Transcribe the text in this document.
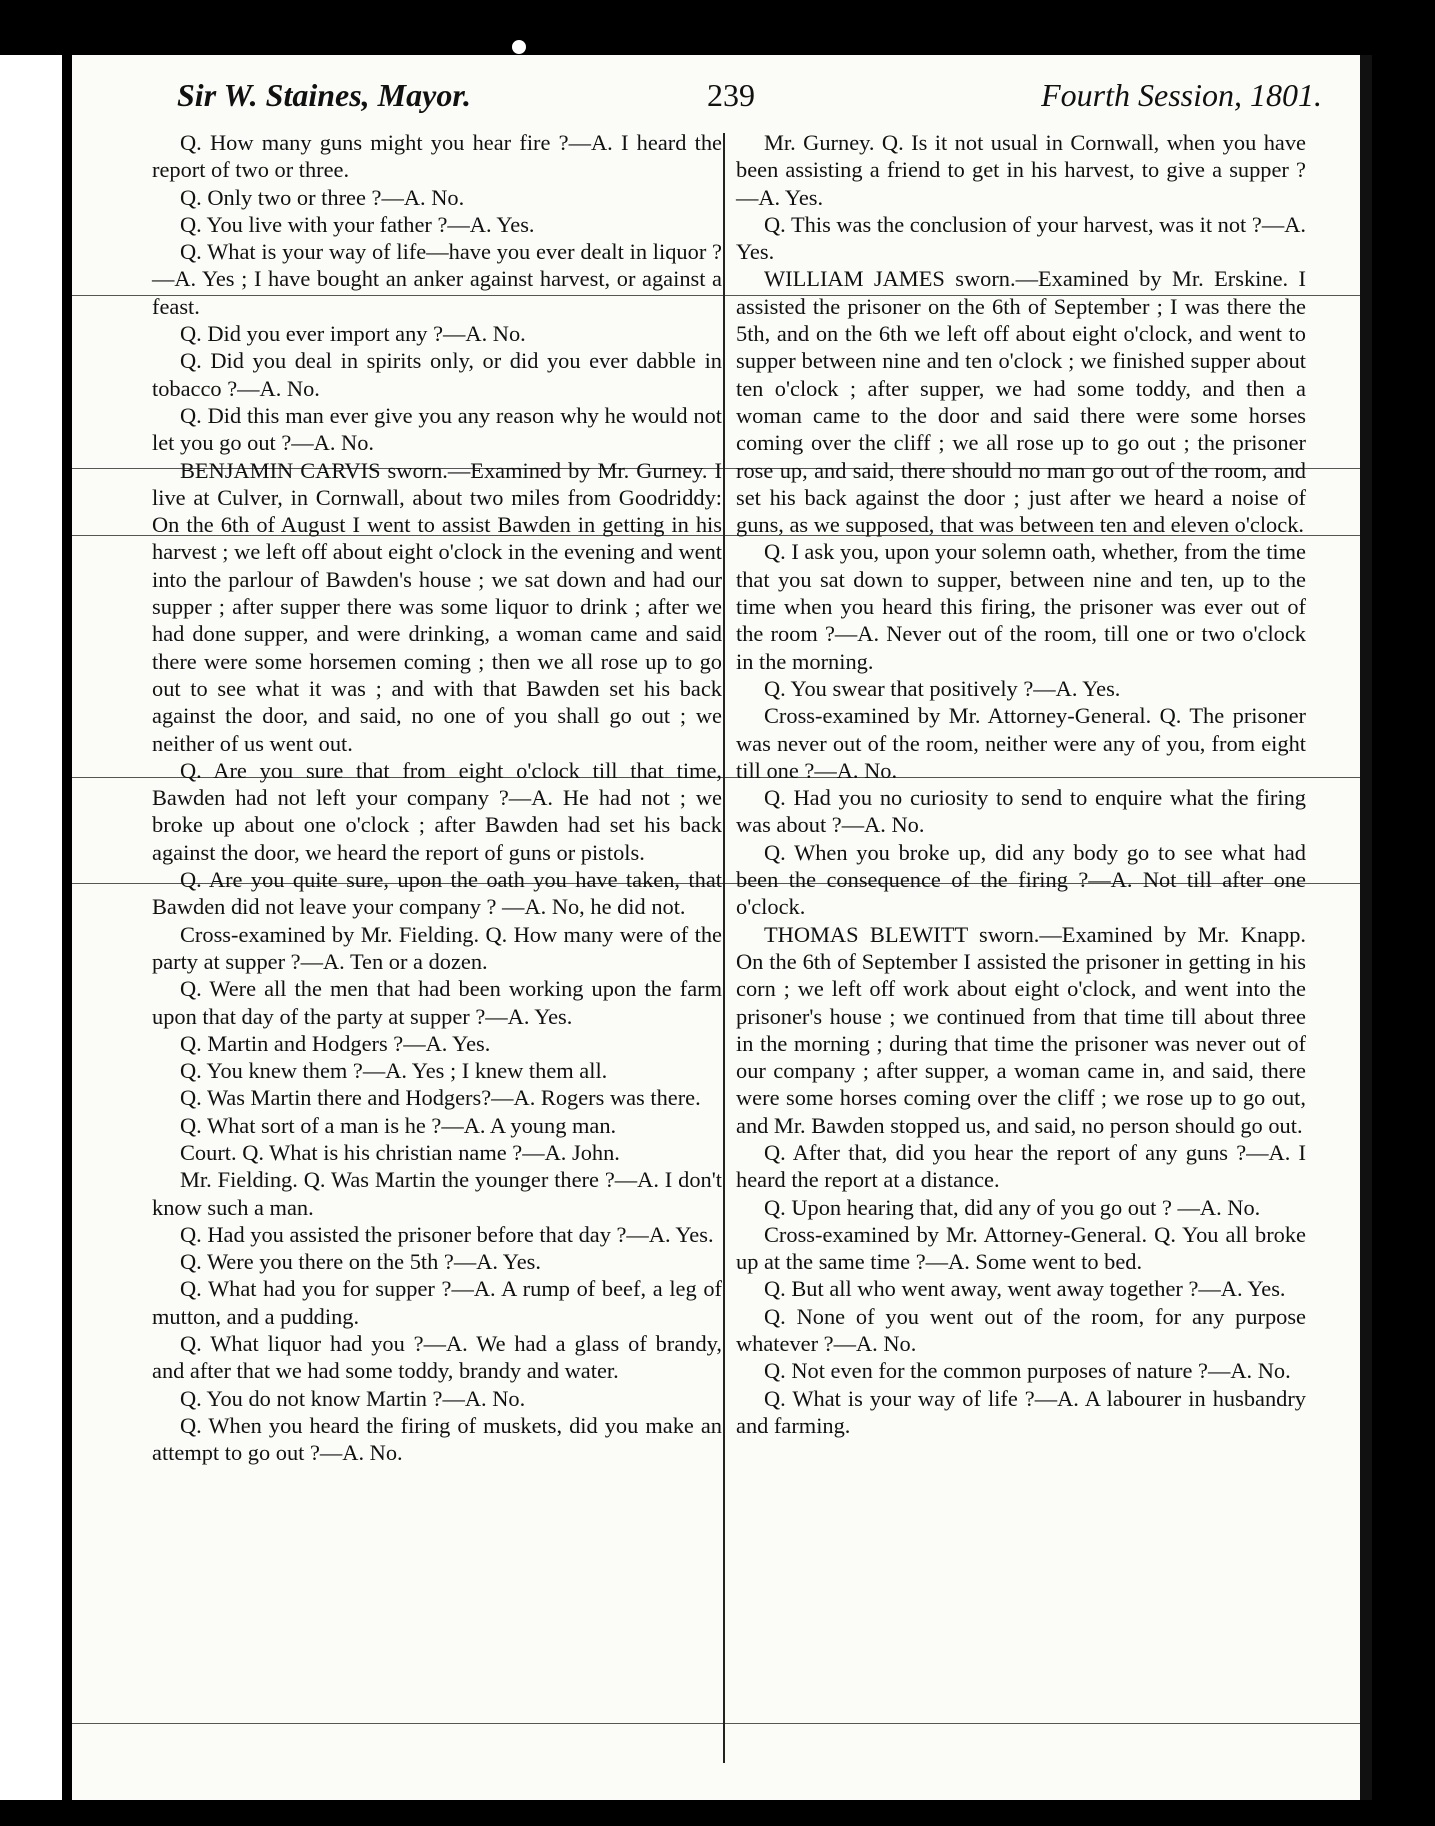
Sir W. Staines, Mayor.	239	Fourth Session, 1801.

Q. How many guns might you hear fire ?—A. I heard the report of two or three.

Q. Only two or three ?—A. No.

Q. You live with your father ?—A. Yes.

Q. What is your way of life—have you ever dealt in liquor ?—A. Yes ; I have bought an anker against harvest, or against a feast.

Q. Did you ever import any ?—A. No.

Q. Did you deal in spirits only, or did you ever dabble in tobacco ?—A. No.

Q. Did this man ever give you any reason why he would not let you go out ?—A. No.

BENJAMIN CARVIS sworn.—Examined by Mr. Gurney. I live at Culver, in Cornwall, about two miles from Goodriddy: On the 6th of August I went to assist Bawden in getting in his harvest ; we left off about eight o'clock in the evening and went into the parlour of Bawden's house ; we sat down and had our supper ; after supper there was some liquor to drink ; after we had done supper, and were drinking, a woman came and said there were some horsemen coming ; then we all rose up to go out to see what it was ; and with that Bawden set his back against the door, and said, no one of you shall go out ; we neither of us went out.

Q. Are you sure that from eight o'clock till that time, Bawden had not left your company ?—A. He had not ; we broke up about one o'clock ; after Bawden had set his back against the door, we heard the report of guns or pistols.

Q. Are you quite sure, upon the oath you have taken, that Bawden did not leave your company ? —A. No, he did not.

Cross-examined by Mr. Fielding. Q. How many were of the party at supper ?—A. Ten or a dozen.

Q. Were all the men that had been working upon the farm upon that day of the party at supper ?—A. Yes.

Q. Martin and Hodgers ?—A. Yes.

Q. You knew them ?—A. Yes ; I knew them all.

Q. Was Martin there and Hodgers?—A. Rogers was there.

Q. What sort of a man is he ?—A. A young man.

Court. Q. What is his christian name ?—A. John.

Mr. Fielding. Q. Was Martin the younger there ?—A. I don't know such a man.

Q. Had you assisted the prisoner before that day ?—A. Yes.

Q. Were you there on the 5th ?—A. Yes.

Q. What had you for supper ?—A. A rump of beef, a leg of mutton, and a pudding.

Q. What liquor had you ?—A. We had a glass of brandy, and after that we had some toddy, brandy and water.

Q. You do not know Martin ?—A. No.

Q. When you heard the firing of muskets, did you make an attempt to go out ?—A. No.

Mr. Gurney. Q. Is it not usual in Cornwall, when you have been assisting a friend to get in his harvest, to give a supper ?—A. Yes.

Q. This was the conclusion of your harvest, was it not ?—A. Yes.

WILLIAM JAMES sworn.—Examined by Mr. Erskine. I assisted the prisoner on the 6th of September ; I was there the 5th, and on the 6th we left off about eight o'clock, and went to supper between nine and ten o'clock ; we finished supper about ten o'clock ; after supper, we had some toddy, and then a woman came to the door and said there were some horses coming over the cliff ; we all rose up to go out ; the prisoner rose up, and said, there should no man go out of the room, and set his back against the door ; just after we heard a noise of guns, as we supposed, that was between ten and eleven o'clock.

Q. I ask you, upon your solemn oath, whether, from the time that you sat down to supper, between nine and ten, up to the time when you heard this firing, the prisoner was ever out of the room ?—A. Never out of the room, till one or two o'clock in the morning.

Q. You swear that positively ?—A. Yes.

Cross-examined by Mr. Attorney-General. Q. The prisoner was never out of the room, neither were any of you, from eight till one ?—A. No.

Q. Had you no curiosity to send to enquire what the firing was about ?—A. No.

Q. When you broke up, did any body go to see what had been the consequence of the firing ?—A. Not till after one o'clock.

THOMAS BLEWITT sworn.—Examined by Mr. Knapp. On the 6th of September I assisted the prisoner in getting in his corn ; we left off work about eight o'clock, and went into the prisoner's house ; we continued from that time till about three in the morning ; during that time the prisoner was never out of our company ; after supper, a woman came in, and said, there were some horses coming over the cliff ; we rose up to go out, and Mr. Bawden stopped us, and said, no person should go out.

Q. After that, did you hear the report of any guns ?—A. I heard the report at a distance.

Q. Upon hearing that, did any of you go out ? —A. No.

Cross-examined by Mr. Attorney-General. Q. You all broke up at the same time ?—A. Some went to bed.

Q. But all who went away, went away together ?—A. Yes.

Q. None of you went out of the room, for any purpose whatever ?—A. No.

Q. Not even for the common purposes of nature ?—A. No.

Q. What is your way of life ?—A. A labourer in husbandry and farming.
